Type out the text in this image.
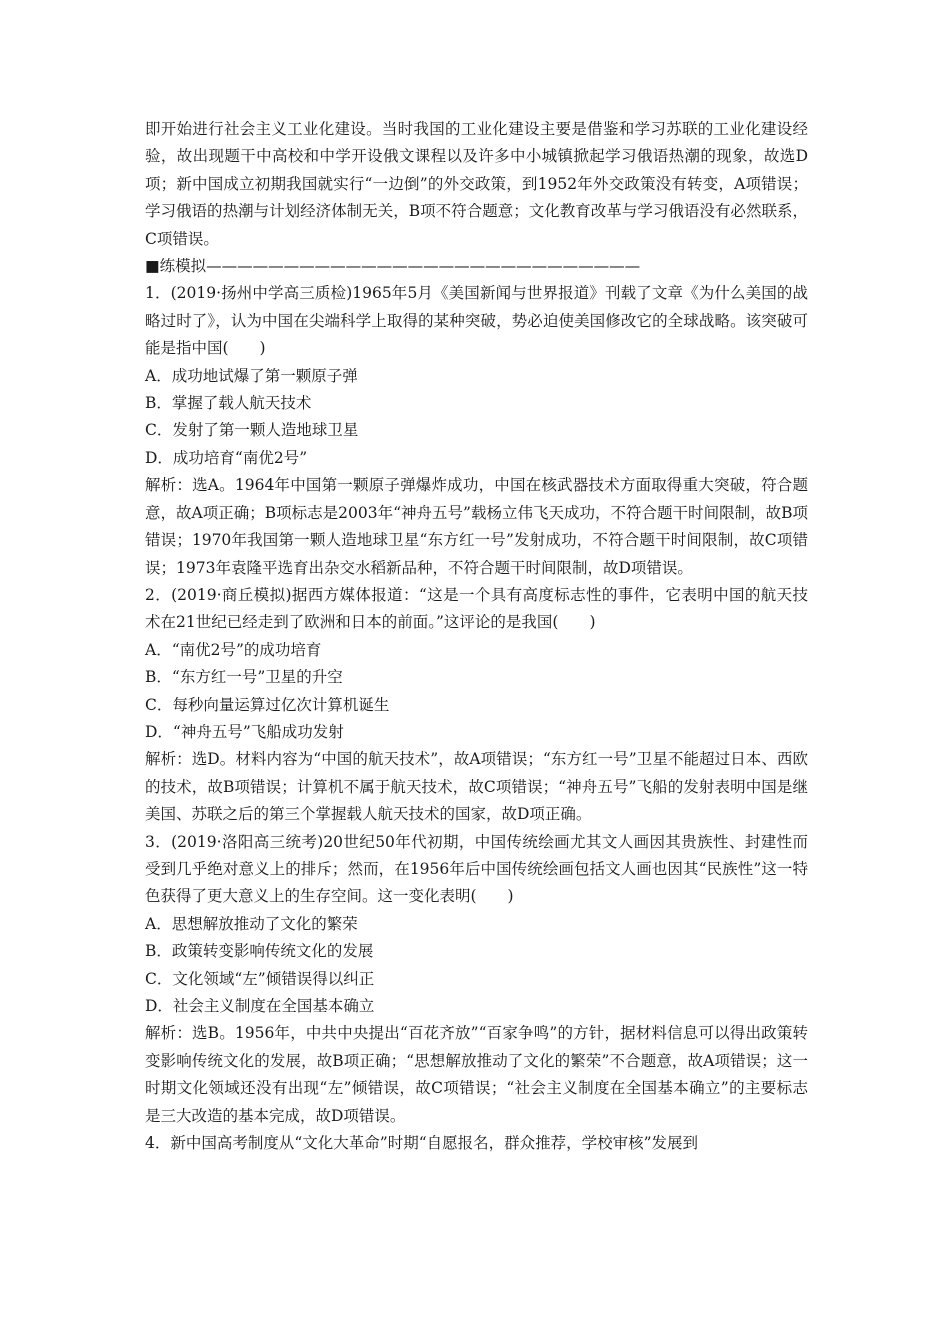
即开始进行社会主义工业化建设。当时我国的工业化建设主要是借鉴和学习苏联的工业化建设经验，故出现题干中高校和中学开设俄文课程以及许多中小城镇掀起学习俄语热潮的现象，故选D项；新中国成立初期我国就实行“一边倒”的外交政策，到1952年外交政策没有转变，A项错误；学习俄语的热潮与计划经济体制无关，B项不符合题意；文化教育改革与学习俄语没有必然联系，C项错误。

■练模拟————————————————————————————

1．(2019·扬州中学高三质检)1965年5月《美国新闻与世界报道》刊载了文章《为什么美国的战略过时了》，认为中国在尖端科学上取得的某种突破，势必迫使美国修改它的全球战略。该突破可能是指中国(　　)

A．成功地试爆了第一颗原子弹

B．掌握了载人航天技术

C．发射了第一颗人造地球卫星

D．成功培育“南优2号”

解析：选A。1964年中国第一颗原子弹爆炸成功，中国在核武器技术方面取得重大突破，符合题意，故A项正确；B项标志是2003年“神舟五号”载杨立伟飞天成功，不符合题干时间限制，故B项错误；1970年我国第一颗人造地球卫星“东方红一号”发射成功，不符合题干时间限制，故C项错误；1973年袁隆平选育出杂交水稻新品种，不符合题干时间限制，故D项错误。

2．(2019·商丘模拟)据西方媒体报道：“这是一个具有高度标志性的事件，它表明中国的航天技术在21世纪已经走到了欧洲和日本的前面。”这评论的是我国(　　)

A．“南优2号”的成功培育

B．“东方红一号”卫星的升空

C．每秒向量运算过亿次计算机诞生

D．“神舟五号”飞船成功发射

解析：选D。材料内容为“中国的航天技术”，故A项错误；“东方红一号”卫星不能超过日本、西欧的技术，故B项错误；计算机不属于航天技术，故C项错误；“神舟五号”飞船的发射表明中国是继美国、苏联之后的第三个掌握载人航天技术的国家，故D项正确。

3．(2019·洛阳高三统考)20世纪50年代初期，中国传统绘画尤其文人画因其贵族性、封建性而受到几乎绝对意义上的排斥；然而，在1956年后中国传统绘画包括文人画也因其“民族性”这一特色获得了更大意义上的生存空间。这一变化表明(　　)

A．思想解放推动了文化的繁荣

B．政策转变影响传统文化的发展

C．文化领域“左”倾错误得以纠正

D．社会主义制度在全国基本确立

解析：选B。1956年，中共中央提出“百花齐放”“百家争鸣”的方针，据材料信息可以得出政策转变影响传统文化的发展，故B项正确；“思想解放推动了文化的繁荣”不合题意，故A项错误；这一时期文化领域还没有出现“左”倾错误，故C项错误；“社会主义制度在全国基本确立”的主要标志是三大改造的基本完成，故D项错误。

4．新中国高考制度从“文化大革命”时期“自愿报名，群众推荐，学校审核”发展到
